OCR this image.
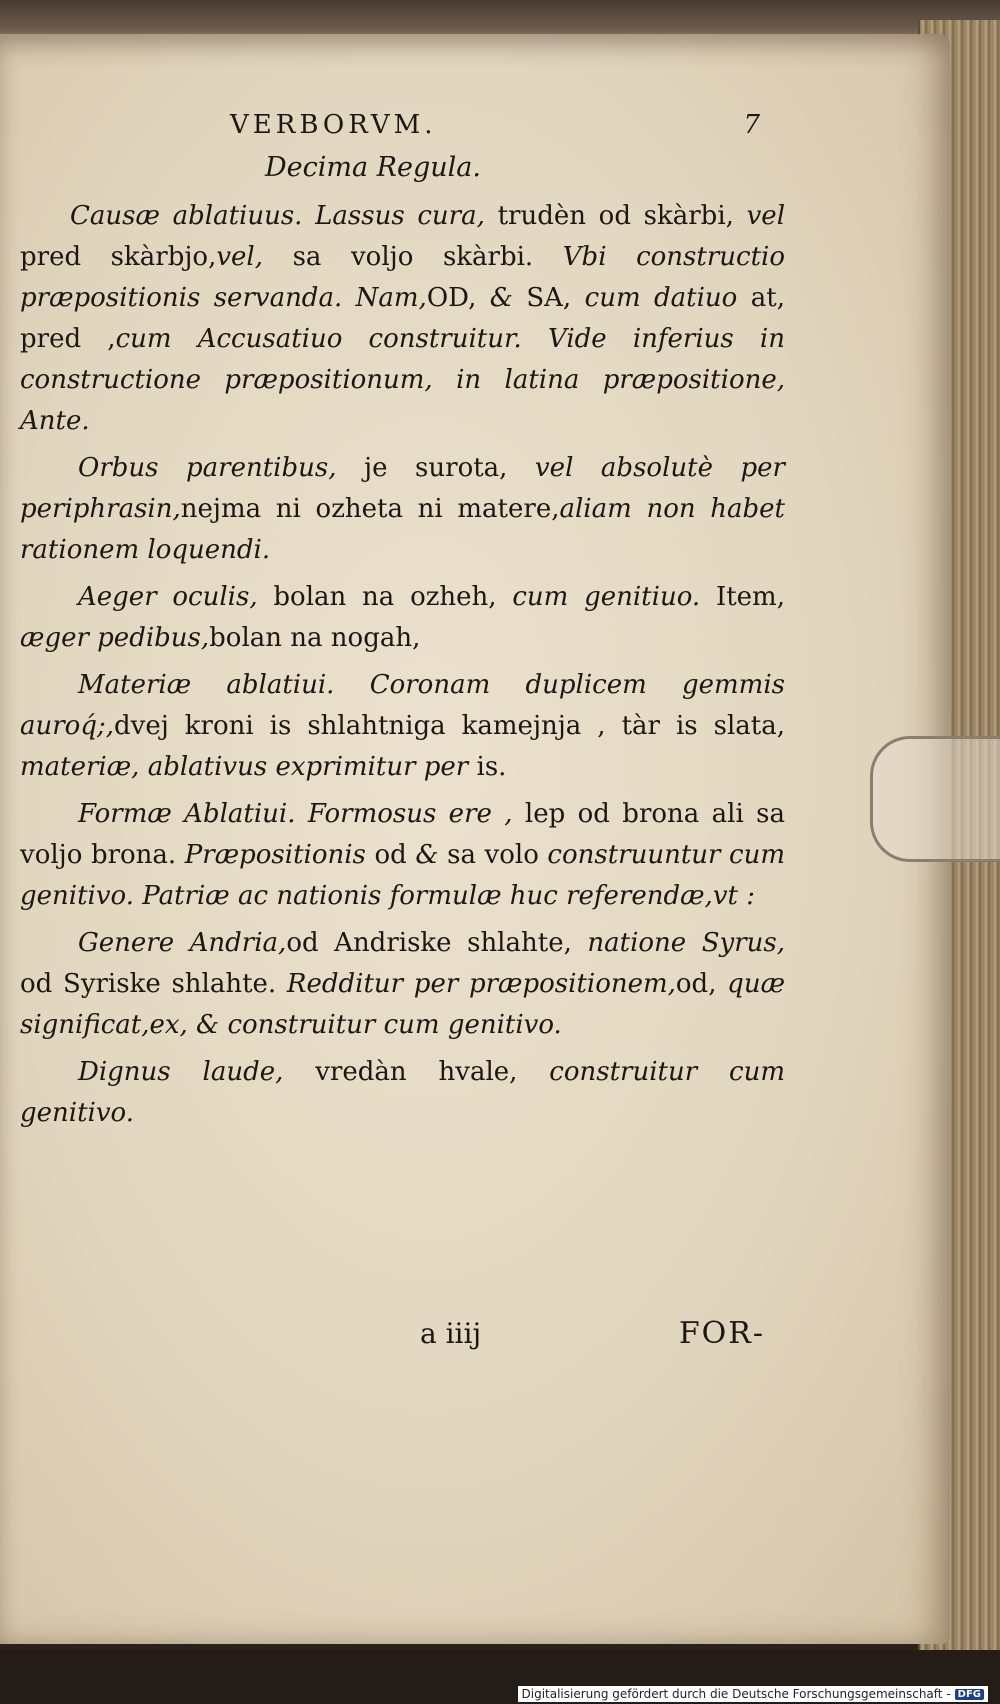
VERBORVM.	7
Decima Regula.

Causæ ablatiuus. Lassus cura, trudèn od skàrbi, vel pred skàrbjo,vel, sa voljo skàrbi. Vbi constructio præpositionis servanda. Nam,OD, & SA, cum datiuo at, pred ,cum Accusatiuo construitur. Vide inferius in constructione præpositionum, in latina præpositione, Ante.

Orbus parentibus, je surota, vel absolutè per periphrasin,nejma ni ozheta ni matere,aliam non habet rationem loquendi.

Aeger oculis, bolan na ozheh, cum genitiuo. Item, æger pedibus,bolan na nogah,

Materiæ ablatiui. Coronam duplicem gemmis auroq́;,dvej kroni is shlahtniga kamejnja , tàr is slata, materiæ, ablativus exprimitur per is.

Formæ Ablatiui. Formosus ere , lep od brona ali sa voljo brona. Præpositionis od & sa volo construuntur cum genitivo. Patriæ ac nationis formulæ huc referendæ,vt :

Genere Andria,od Andriske shlahte, natione Syrus, od Syriske shlahte. Redditur per præpositionem,od, quæ significat,ex, & construitur cum genitivo.

Dignus laude, vredàn hvale, construitur cum genitivo.

a iiij	FOR-
Digitalisierung gefördert durch die Deutsche Forschungsgemeinschaft - DFG
